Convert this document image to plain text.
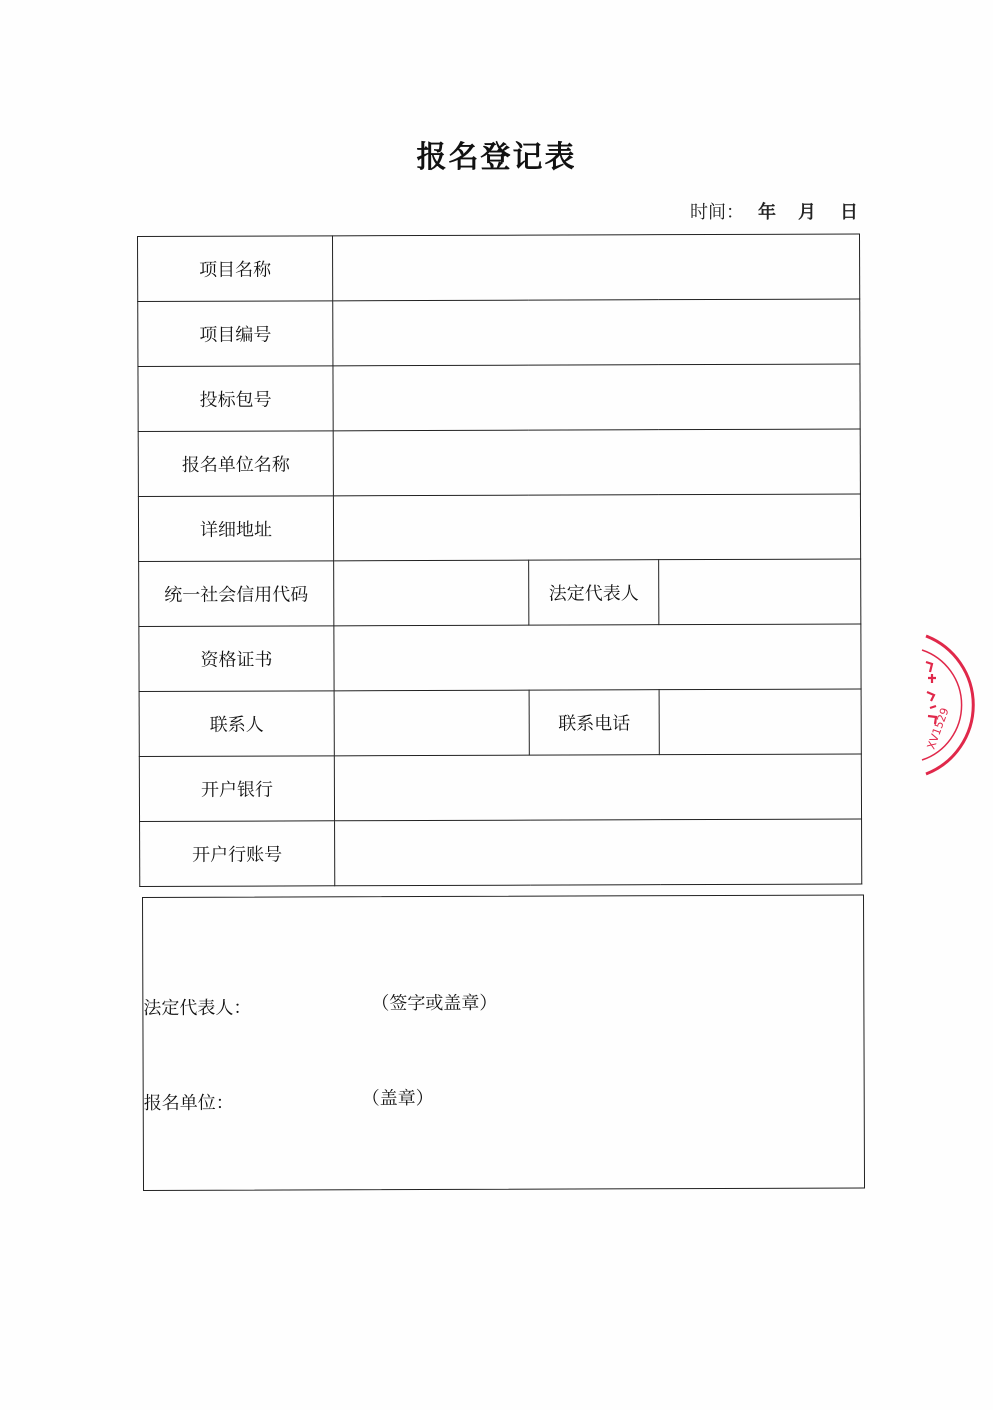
报名登记表
时间： 年 月 日
项目名称			
项目编号			
投标包号			
报名单位名称			
详细地址			
统一社会信用代码		法定代表人	
资格证书			
联系人		联系电话	
开户银行			
开户行账号			
法定代表人：	（签字或盖章）
报名单位：	（盖章）
XV1529
